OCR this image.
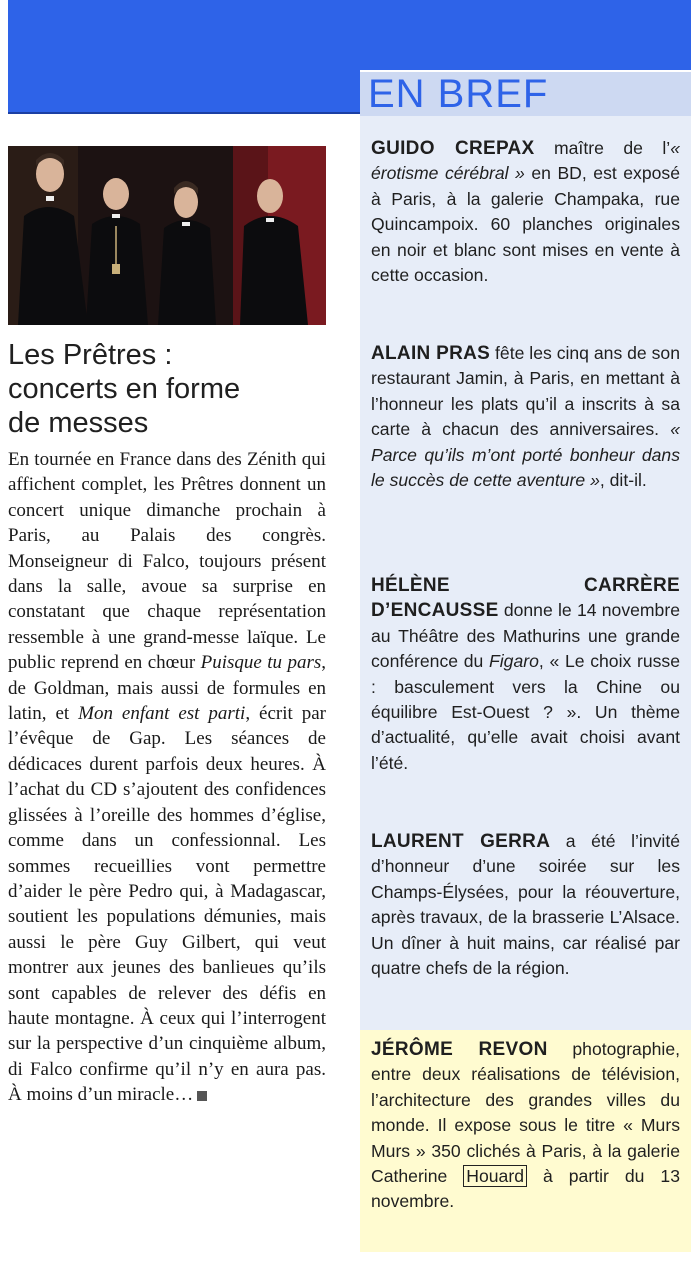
EN BREF
Les Prêtres :
concerts en forme
de messes

En tournée en France dans des Zénith qui affichent complet, les Prêtres donnent un concert unique dimanche prochain à Paris, au Palais des congrès. Monseigneur di Falco, toujours présent dans la salle, avoue sa surprise en constatant que chaque représentation ressemble à une grand-messe laïque. Le public reprend en chœur Puisque tu pars, de Goldman, mais aussi de formules en latin, et Mon enfant est parti, écrit par l’évêque de Gap. Les séances de dédicaces durent parfois deux heures. À l’achat du CD s’ajoutent des confidences glissées à l’oreille des hommes d’église, comme dans un confessionnal. Les sommes recueillies vont permettre d’aider le père Pedro qui, à Madagascar, soutient les populations démunies, mais aussi le père Guy Gilbert, qui veut montrer aux jeunes des banlieues qu’ils sont capables de relever des défis en haute montagne. À ceux qui l’interrogent sur la perspective d’un cinquième album, di Falco confirme qu’il n’y en aura pas. À moins d’un miracle…

GUIDO CREPAX maître de l’« érotisme cérébral » en BD, est exposé à Paris, à la galerie Champaka, rue Quincampoix. 60 planches originales en noir et blanc sont mises en vente à cette occasion.

ALAIN PRAS fête les cinq ans de son restaurant Jamin, à Paris, en mettant à l’honneur les plats qu’il a inscrits à sa carte à chacun des anniversaires. « Parce qu’ils m’ont porté bonheur dans le succès de cette aventure », dit-il.

HÉLÈNE CARRÈRE D’ENCAUSSE donne le 14 novembre au Théâtre des Mathurins une grande conférence du Figaro, « Le choix russe : basculement vers la Chine ou équilibre Est-Ouest ? ». Un thème d’actualité, qu’elle avait choisi avant l’été.

LAURENT GERRA a été l’invité d’honneur d’une soirée sur les Champs-Élysées, pour la réouverture, après travaux, de la brasserie L’Alsace. Un dîner à huit mains, car réalisé par quatre chefs de la région.

JÉRÔME REVON photographie, entre deux réalisations de télévision, l’architecture des grandes villes du monde. Il expose sous le titre « Murs Murs » 350 clichés à Paris, à la galerie Catherine Houard à partir du 13 novembre.
